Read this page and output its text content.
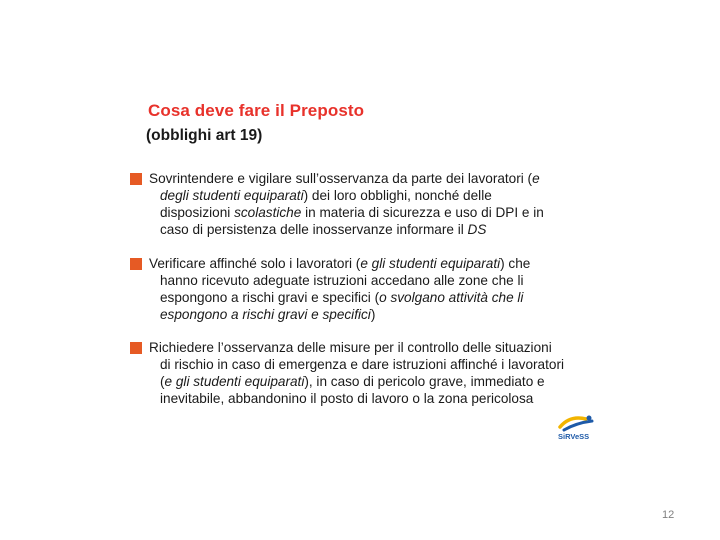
Cosa deve fare il Preposto
(obblighi art 19)
Sovrintendere e vigilare sull’osservanza da parte dei lavoratori (e
degli studenti equiparati) dei loro obblighi, nonché delle
disposizioni scolastiche in materia di sicurezza e uso di DPI e in
caso di persistenza delle inosservanze informare il DS
Verificare affinché solo i lavoratori (e gli studenti equiparati) che
hanno ricevuto adeguate istruzioni accedano alle zone che li
espongono a rischi gravi e specifici (o svolgano attività che li
espongono a rischi gravi e specifici)
Richiedere l’osservanza delle misure per il controllo delle situazioni
di rischio in caso di emergenza e dare istruzioni affinché i lavoratori
(e gli studenti equiparati), in caso di pericolo grave, immediato e
inevitabile, abbandonino il posto di lavoro o la zona pericolosa
SiRVeSS
12
